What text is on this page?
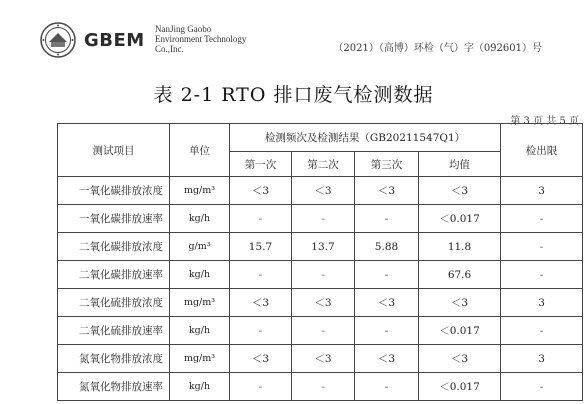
GBEM
NanJing Gaobo
Environment Technology
Co.,Inc.	（2021）（高博）环检（气）字（092601）号
表 2-1 RTO 排口废气检测数据
第 3 页 共 5 页
测试项目	单位	检测频次及检测结果（GB20211547Q1）				检出限
		第一次	第二次	第三次	均值	
一氧化碳排放浓度	mg/m³	＜3	＜3	＜3	＜3	3
一氧化碳排放速率	kg/h	-	-	-	＜0.017	-
二氧化碳排放浓度	g/m³	15.7	13.7	5.88	11.8	-
二氧化碳排放速率	kg/h	-	-	-	67.6	-
二氧化硫排放浓度	mg/m³	＜3	＜3	＜3	＜3	3
二氧化硫排放速率	kg/h	-	-	-	＜0.017	-
氮氧化物排放浓度	mg/m³	＜3	＜3	＜3	＜3	3
氮氧化物排放速率	kg/h	-	-	-	＜0.017	-
